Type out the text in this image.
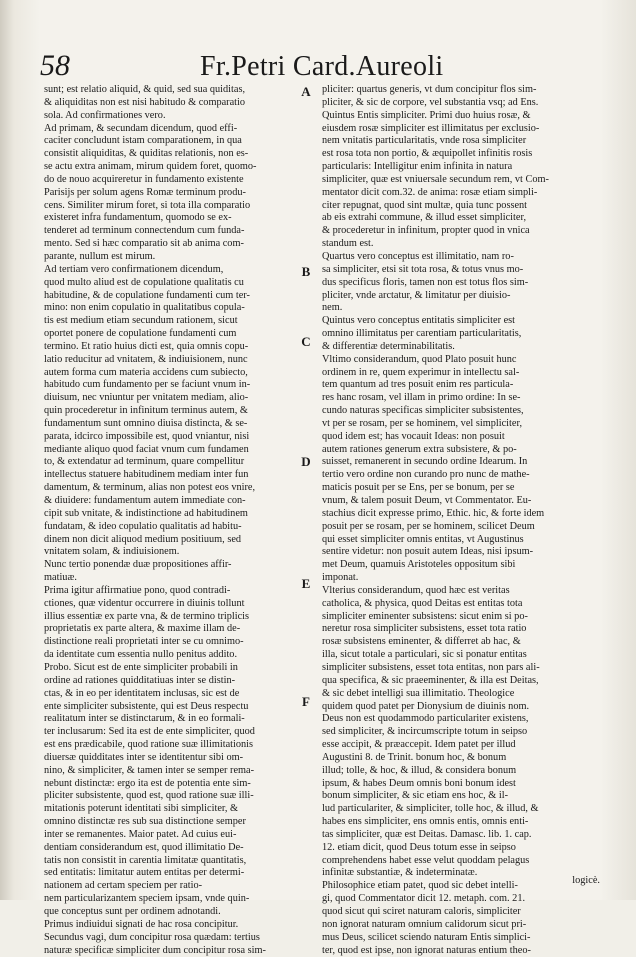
58	Fr.Petri Card.Aureoli
sunt; est relatio aliquid, & quid, sed sua quiditas,
& aliquiditas non est nisi habitudo & comparatio
sola. Ad confirmationes vero.
Ad primam, & secundam dicendum, quod effi-
caciter concludunt istam comparationem, in qua
consistit aliquiditas, & quiditas relationis, non es-
se actu extra animam, mirum quidem foret, quomo-
do de nouo acquireretur in fundamento existente
Parisijs per solum agens Romæ terminum produ-
cens. Similiter mirum foret, si tota illa comparatio
existeret infra fundamentum, quomodo se ex-
tenderet ad terminum connectendum cum funda-
mento. Sed si hæc comparatio sit ab anima com-
parante, nullum est mirum.
Ad tertiam vero confirmationem dicendum,
quod multo aliud est de copulatione qualitatis cu
habitudine, & de copulatione fundamenti cum ter-
mino: non enim copulatio in qualitatibus copula-
tis est medium etiam secundum rationem, sicut
oportet ponere de copulatione fundamenti cum
termino. Et ratio huius dicti est, quia omnis copu-
latio reducitur ad vnitatem, & indiuisionem, nunc
autem forma cum materia accidens cum subiecto,
habitudo cum fundamento per se faciunt vnum in-
diuisum, nec vniuntur per vnitatem mediam, alio-
quin procederetur in infinitum terminus autem, &
fundamentum sunt omnino diuisa distincta, & se-
parata, idcirco impossibile est, quod vniantur, nisi
mediante aliquo quod faciat vnum cum fundamen
to, & extendatur ad terminum, quare compellitur
intellectus statuere habitudinem mediam inter fun
damentum, & terminum, alias non potest eos vnire,
& diuidere: fundamentum autem immediate con-
cipit sub vnitate, & indistinctione ad habitudinem
fundatam, & ideo copulatio qualitatis ad habitu-
dinem non dicit aliquod medium positiuum, sed
vnitatem solam, & indiuisionem.
Nunc tertio ponendæ duæ propositiones affir-
matiuæ.
Prima igitur affirmatiue pono, quod contradi-
ctiones, quæ videntur occurrere in diuinis tollunt
illius essentiæ ex parte vna, & de termino triplicis
proprietatis ex parte altera, & maxime illam de-
distinctione reali proprietati inter se cu omnimo-
da identitate cum essentia nullo penitus addito.
Probo. Sicut est de ente simpliciter probabili in
ordine ad rationes quidditatiuas inter se distin-
ctas, & in eo per identitatem inclusas, sic est de
ente simpliciter subsistente, qui est Deus respectu
realitatum inter se distinctarum, & in eo formali-
ter inclusarum: Sed ita est de ente simpliciter, quod
est ens prædicabile, quod ratione suæ illimitationis
diuersæ quidditates inter se identitentur sibi om-
nino, & simpliciter, & tamen inter se semper rema-
nebunt distinctæ: ergo ita est de potentia ente sim-
pliciter subsistente, quod est, quod ratione suæ illi-
mitationis poterunt identitati sibi simpliciter, &
omnino distinctæ res sub sua distinctione semper
inter se remanentes. Maior patet. Ad cuius eui-
dentiam considerandum est, quod illimitatio De-
tatis non consistit in carentia limitatæ quantitatis,
sed entitatis: limitatur autem entitas per determi-
nationem ad certam speciem per ratio-
nem particularizantem speciem ipsam, vnde quin-
que conceptus sunt per ordinem adnotandi.
Primus indiuidui signati de hac rosa concipitur.
Secundus vagi, dum concipitur rosa quædam: tertius
naturæ specificæ simpliciter dum concipitur rosa sim-
A
B
C
D
E
F
pliciter: quartus generis, vt dum concipitur flos sim-
pliciter, & sic de corpore, vel substantia vsq; ad Ens.
Quintus Entis simpliciter. Primi duo huius rosæ, &
eiusdem rosæ simpliciter est illimitatus per exclusio-
nem vnitatis particularitatis, vnde rosa simpliciter
est rosa tota non portio, & æquipollet infinitis rosis
particularis: Intelligitur enim infinita in natura
simpliciter, quæ est vniuersale secundum rem, vt Com-
mentator dicit com.32. de anima: rosæ etiam simpli-
citer repugnat, quod sint multæ, quia tunc possent
ab eis extrahi commune, & illud esset simpliciter,
& procederetur in infinitum, propter quod in vnica
standum est.
Quartus vero conceptus est illimitatio, nam ro-
sa simpliciter, etsi sit tota rosa, & totus vnus mo-
dus specificus floris, tamen non est totus flos sim-
pliciter, vnde arctatur, & limitatur per diuisio-
nem.
Quintus vero conceptus entitatis simpliciter est
omnino illimitatus per carentiam particularitatis,
& differentiæ determinabilitatis.
Vltimo considerandum, quod Plato posuit hunc
ordinem in re, quem experimur in intellectu sal-
tem quantum ad tres posuit enim res particula-
res hanc rosam, vel illam in primo ordine: In se-
cundo naturas specificas simpliciter subsistentes,
vt per se rosam, per se hominem, vel simpliciter,
quod idem est; has vocauit Ideas: non posuit
autem rationes generum extra subsistere, & po-
suisset, remanerent in secundo ordine Idearum. In
tertio vero ordine non curando pro nunc de mathe-
maticis posuit per se Ens, per se bonum, per se
vnum, & talem posuit Deum, vt Commentator. Eu-
stachius dicit expresse primo, Ethic. hic, & forte idem
posuit per se rosam, per se hominem, scilicet Deum
qui esset simpliciter omnis entitas, vt Augustinus
sentire videtur: non posuit autem Ideas, nisi ipsum-
met Deum, quamuis Aristoteles oppositum sibi
imponat.
Vlterius considerandum, quod hæc est veritas
catholica, & physica, quod Deitas est entitas tota
simpliciter eminenter subsistens: sicut enim si po-
neretur rosa simpliciter subsistens, esset tota ratio
rosæ subsistens eminenter, & differret ab hac, &
illa, sicut totale a particulari, sic si ponatur entitas
simpliciter subsistens, esset tota entitas, non pars ali-
qua specifica, & sic praeeminenter, & illa est Deitas,
& sic debet intelligi sua illimitatio. Theologice
quidem quod patet per Dionysium de diuinis nom.
Deus non est quodammodo particulariter existens,
sed simpliciter, & incircumscripte totum in seipso
esse accipit, & præaccepit. Idem patet per illud
Augustini 8. de Trinit. bonum hoc, & bonum
illud; tolle, & hoc, & illud, & considera bonum
ipsum, & habes Deum omnis boni bonum idest
bonum simpliciter, & sic etiam ens hoc, & il-
lud particulariter, & simpliciter, tolle hoc, & illud, &
habes ens simpliciter, ens omnis entis, omnis enti-
tas simpliciter, quæ est Deitas. Damasc. lib. 1. cap.
12. etiam dicit, quod Deus totum esse in seipso
comprehendens habet esse velut quoddam pelagus
infinitæ substantiæ, & indeterminatæ.
Philosophice etiam patet, quod sic debet intelli-
gi, quod Commentator dicit 12. metaph. com. 21.
quod sicut qui sciret naturam caloris, simpliciter
non ignorat naturam omnium calidorum sicut pri-
mus Deus, scilicet sciendo naturam Entis simplici-
ter, quod est ipse, non ignorat naturas entium theo-
logicè.
